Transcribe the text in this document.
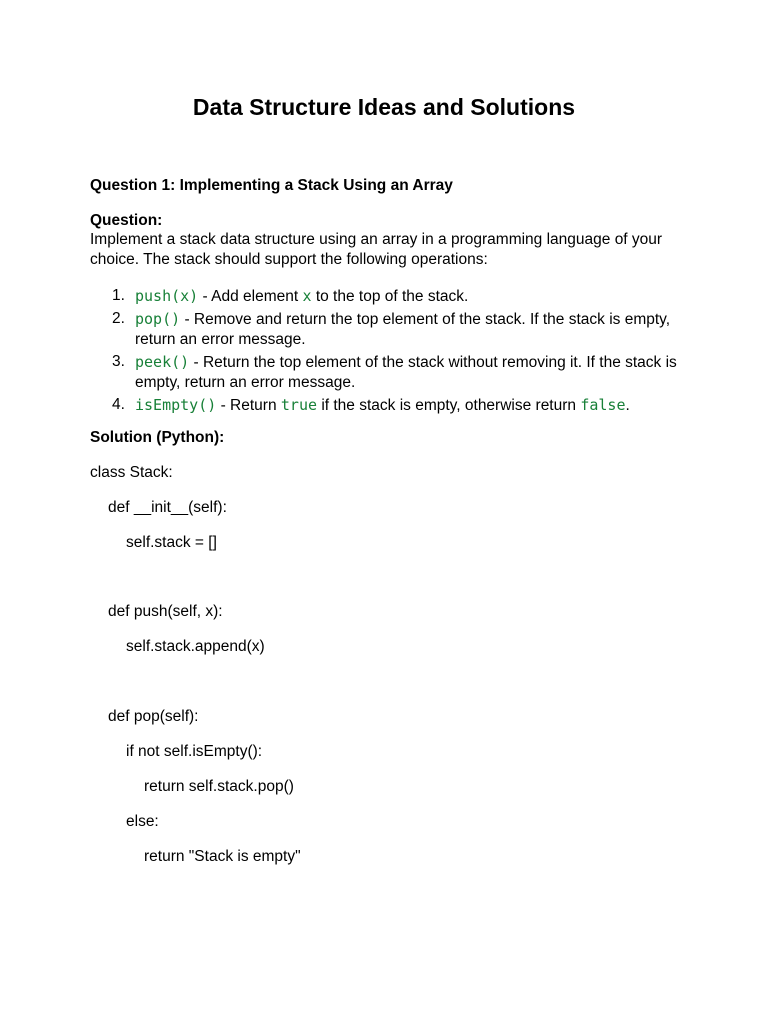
Data Structure Ideas and Solutions
Question 1: Implementing a Stack Using an Array
Question:
Implement a stack data structure using an array in a programming language of your choice. The stack should support the following operations:
1. push(x) - Add element x to the top of the stack.
2. pop() - Remove and return the top element of the stack. If the stack is empty, return an error message.
3. peek() - Return the top element of the stack without removing it. If the stack is empty, return an error message.
4. isEmpty() - Return true if the stack is empty, otherwise return false.
Solution (Python):
class Stack:
def __init__(self):
self.stack = []
def push(self, x):
self.stack.append(x)
def pop(self):
if not self.isEmpty():
return self.stack.pop()
else:
return "Stack is empty"
